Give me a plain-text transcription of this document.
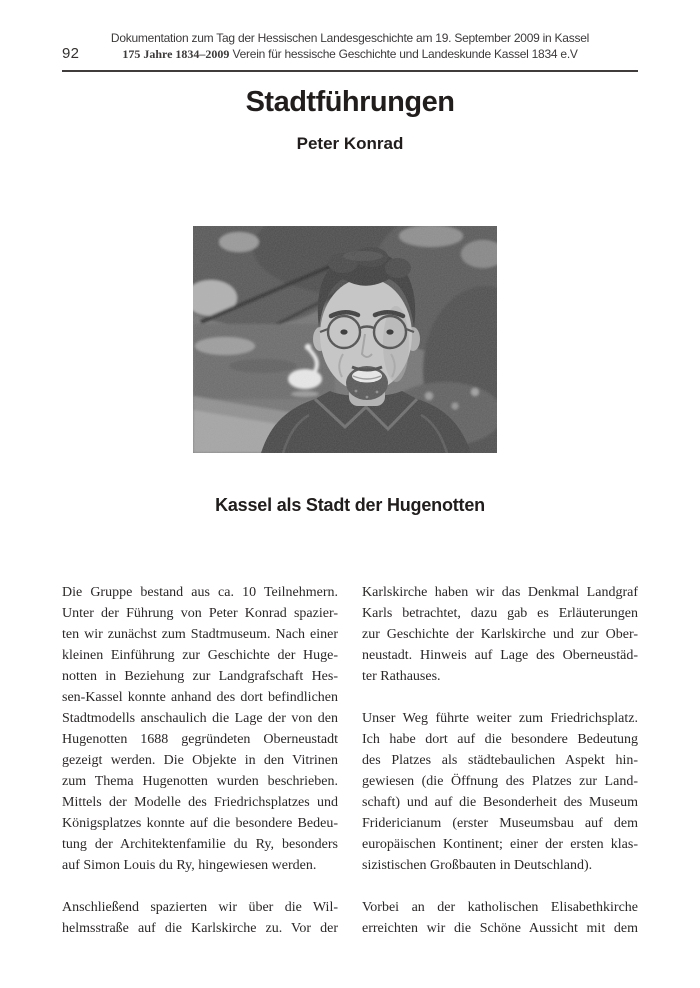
92
Dokumentation zum Tag der Hessischen Landesgeschichte am 19. September 2009 in Kassel
175 Jahre 1834–2009 Verein für hessische Geschichte und Landeskunde Kassel 1834 e.V
Stadtführungen
Peter Konrad
Kassel als Stadt der Hugenotten
Die Gruppe bestand aus ca. 10 Teilnehmern.
Unter der Führung von Peter Konrad spazier-
ten wir zunächst zum Stadtmuseum. Nach einer
kleinen Einführung zur Geschichte der Huge-
notten in Beziehung zur Landgrafschaft Hes-
sen-Kassel konnte anhand des dort befindlichen
Stadtmodells anschaulich die Lage der von den
Hugenotten 1688 gegründeten Oberneustadt
gezeigt werden. Die Objekte in den Vitrinen
zum Thema Hugenotten wurden beschrieben.
Mittels der Modelle des Friedrichsplatzes und
Königsplatzes konnte auf die besondere Bedeu-
tung der Architektenfamilie du Ry, besonders
auf Simon Louis du Ry, hingewiesen werden.
Anschließend spazierten wir über die Wil-
helmsstraße auf die Karlskirche zu. Vor der
Karlskirche haben wir das Denkmal Landgraf
Karls betrachtet, dazu gab es Erläuterungen
zur Geschichte der Karlskirche und zur Ober-
neustadt. Hinweis auf Lage des Oberneustäd-
ter Rathauses.
Unser Weg führte weiter zum Friedrichsplatz.
Ich habe dort auf die besondere Bedeutung
des Platzes als städtebaulichen Aspekt hin-
gewiesen (die Öffnung des Platzes zur Land-
schaft) und auf die Besonderheit des Museum
Fridericianum (erster Museumsbau auf dem
europäischen Kontinent; einer der ersten klas-
sizistischen Großbauten in Deutschland).
Vorbei an der katholischen Elisabethkirche
erreichten wir die Schöne Aussicht mit dem
